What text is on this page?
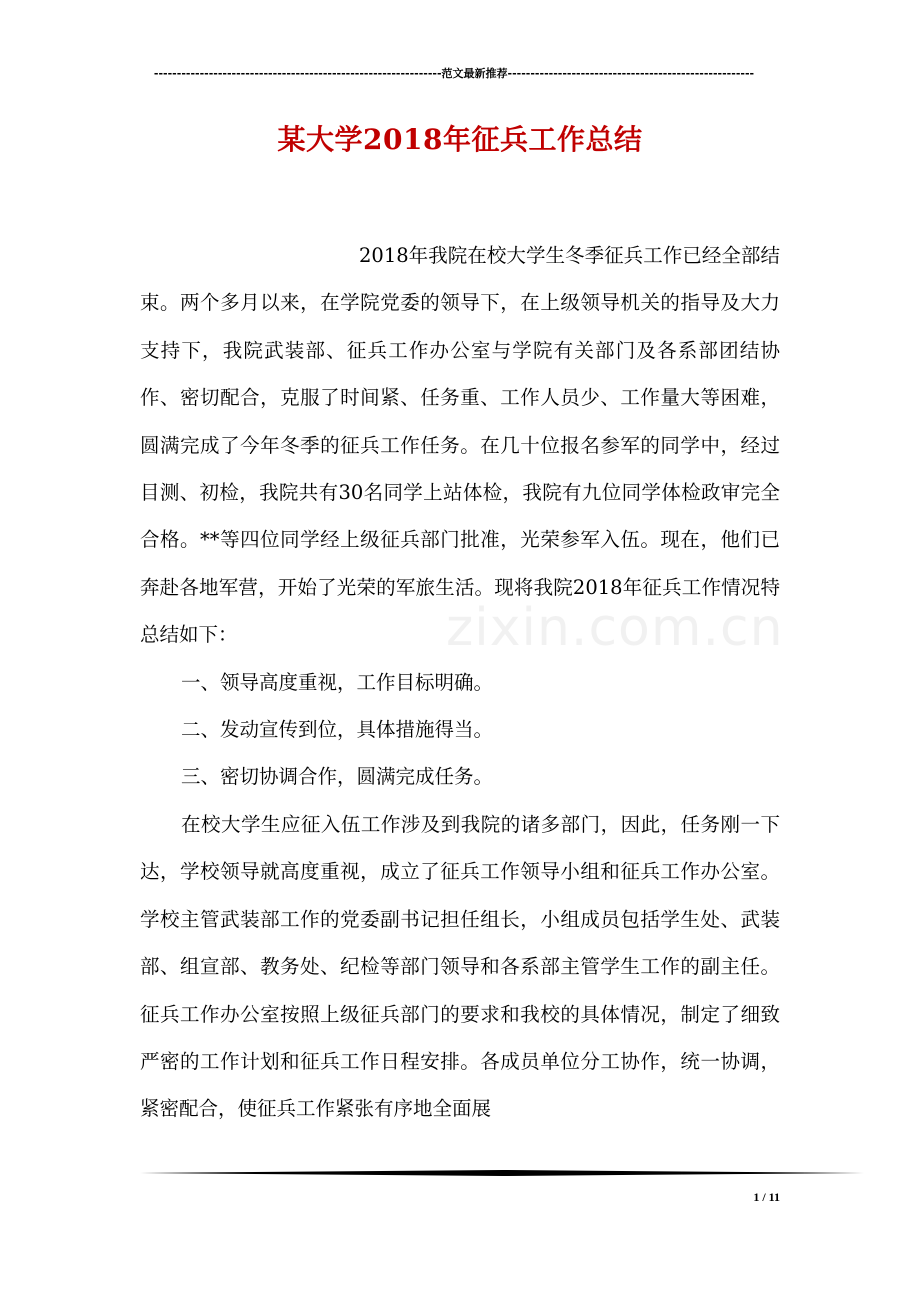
---------------------------------------------------------------范文最新推荐------------------------------------------------------
某大学2018年征兵工作总结

2018年我院在校大学生冬季征兵工作已经全部结束。两个多月以来，在学院党委的领导下，在上级领导机关的指导及大力支持下，我院武装部、征兵工作办公室与学院有关部门及各系部团结协作、密切配合，克服了时间紧、任务重、工作人员少、工作量大等困难，圆满完成了今年冬季的征兵工作任务。在几十位报名参军的同学中，经过目测、初检，我院共有30名同学上站体检，我院有九位同学体检政审完全合格。**等四位同学经上级征兵部门批准，光荣参军入伍。现在，他们已奔赴各地军营，开始了光荣的军旅生活。现将我院2018年征兵工作情况特总结如下：

一、领导高度重视，工作目标明确。

二、发动宣传到位，具体措施得当。

三、密切协调合作，圆满完成任务。

在校大学生应征入伍工作涉及到我院的诸多部门，因此，任务刚一下达，学校领导就高度重视，成立了征兵工作领导小组和征兵工作办公室。学校主管武装部工作的党委副书记担任组长，小组成员包括学生处、武装部、组宣部、教务处、纪检等部门领导和各系部主管学生工作的副主任。征兵工作办公室按照上级征兵部门的要求和我校的具体情况，制定了细致严密的工作计划和征兵工作日程安排。各成员单位分工协作，统一协调，紧密配合，使征兵工作紧张有序地全面展

zixin.com.cn
1 / 11
